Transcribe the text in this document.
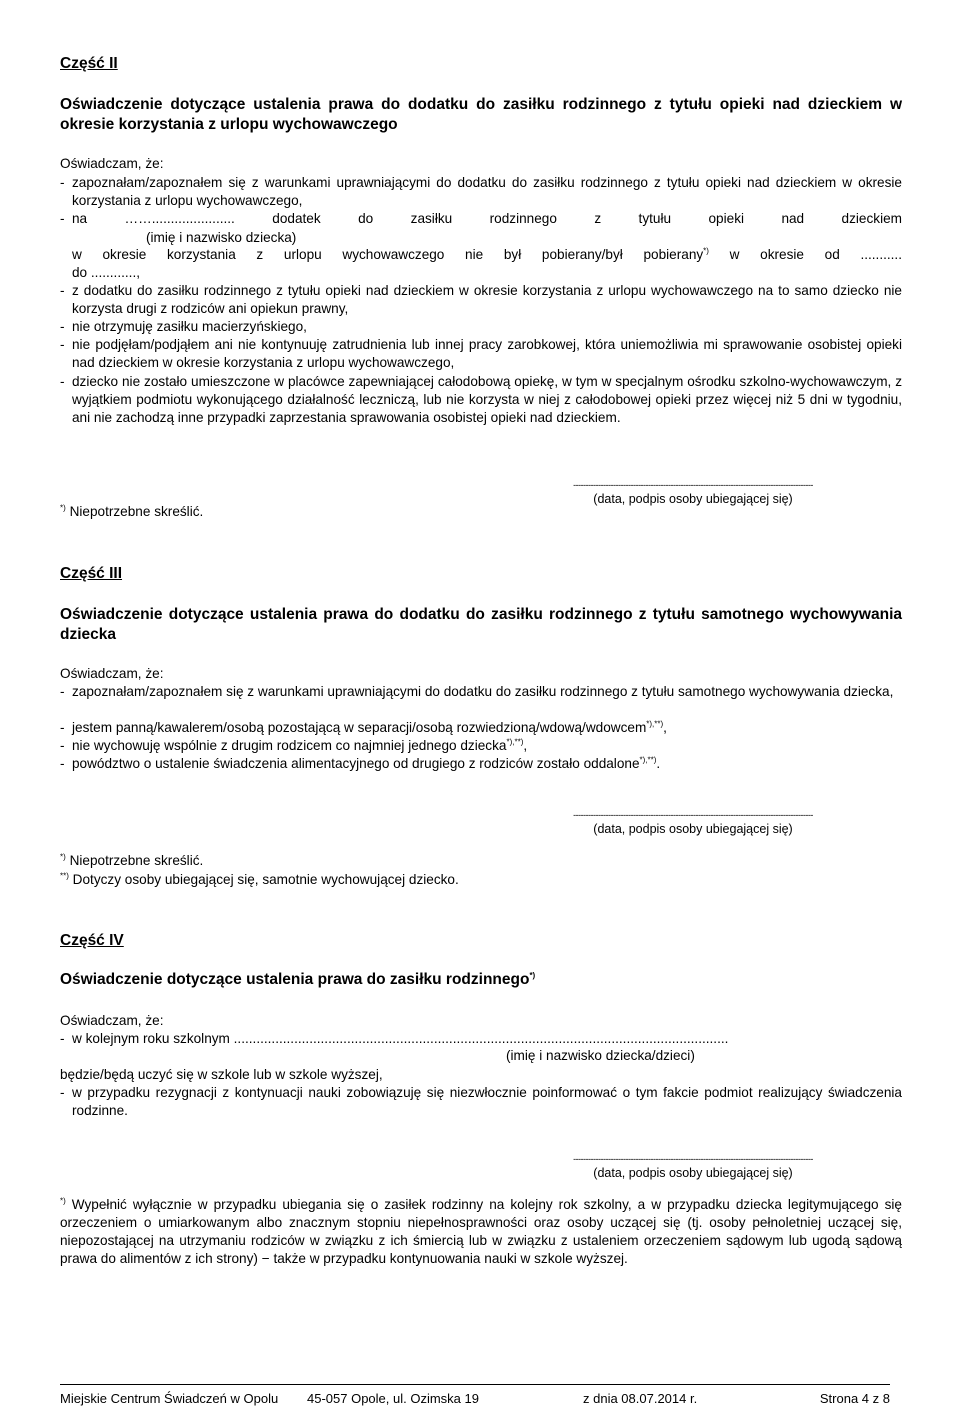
Część II
Oświadczenie dotyczące ustalenia prawa do dodatku do zasiłku rodzinnego z tytułu opieki nad dzieckiem w okresie korzystania z urlopu wychowawczego
Oświadczam, że:
- zapoznałam/zapoznałem się z warunkami uprawniającymi do dodatku do zasiłku rodzinnego z tytułu opieki nad dzieckiem w okresie korzystania z urlopu wychowawczego,
- na ……......................	dodatek do zasiłku rodzinnego z tytułu opieki nad dzieckiem
(imię i nazwisko dziecka)
w okresie korzystania z urlopu wychowawczego nie był pobierany/był pobierany*) w okresie od ...........
do ............,
- z dodatku do zasiłku rodzinnego z tytułu opieki nad dzieckiem w okresie korzystania z urlopu wychowawczego na to samo dziecko nie korzysta drugi z rodziców ani opiekun prawny,
- nie otrzymuję zasiłku macierzyńskiego,
- nie podjęłam/podjąłem ani nie kontynuuję zatrudnienia lub innej pracy zarobkowej, która uniemożliwia mi sprawowanie osobistej opieki nad dzieckiem w okresie korzystania z urlopu wychowawczego,
- dziecko nie zostało umieszczone w placówce zapewniającej całodobową opiekę, w tym w specjalnym ośrodku szkolno-wychowawczym, z wyjątkiem podmiotu wykonującego działalność leczniczą, lub nie korzysta w niej z całodobowej opieki przez więcej niż 5 dni w tygodniu, ani nie zachodzą inne przypadki zaprzestania sprawowania osobistej opieki nad dzieckiem.
------------------------------------------------------------------------------------------------
(data, podpis osoby ubiegającej się)
*) Niepotrzebne skreślić.
Część III
Oświadczenie dotyczące ustalenia prawa do dodatku do zasiłku rodzinnego z tytułu samotnego wychowywania dziecka
Oświadczam, że:
- zapoznałam/zapoznałem się z warunkami uprawniającymi do dodatku do zasiłku rodzinnego z tytułu samotnego wychowywania dziecka,
- jestem panną/kawalerem/osobą pozostającą w separacji/osobą rozwiedzioną/wdową/wdowcem*),**),
- nie wychowuję wspólnie z drugim rodzicem co najmniej jednego dziecka*),**),
- powództwo o ustalenie świadczenia alimentacyjnego od drugiego z rodziców zostało oddalone*),**).
------------------------------------------------------------------------------------------------
(data, podpis osoby ubiegającej się)
*) Niepotrzebne skreślić.
**) Dotyczy osoby ubiegającej się, samotnie wychowującej dziecko.
Część IV
Oświadczenie dotyczące ustalenia prawa do zasiłku rodzinnego*)
Oświadczam, że:
- w kolejnym roku szkolnym ...................................................................................................................................
(imię i nazwisko dziecka/dzieci)
będzie/będą uczyć się w szkole lub w szkole wyższej,
- w przypadku rezygnacji z kontynuacji nauki zobowiązuję się niezwłocznie poinformować o tym fakcie podmiot realizujący świadczenia rodzinne.
------------------------------------------------------------------------------------------------
(data, podpis osoby ubiegającej się)
*) Wypełnić wyłącznie w przypadku ubiegania się o zasiłek rodzinny na kolejny rok szkolny, a w przypadku dziecka legitymującego się orzeczeniem o umiarkowanym albo znacznym stopniu niepełnosprawności oraz osoby uczącej się (tj. osoby pełnoletniej uczącej się, niepozostającej na utrzymaniu rodziców w związku z ich śmiercią lub w związku z ustaleniem orzeczeniem sądowym lub ugodą sądową prawa do alimentów z ich strony) − także w przypadku kontynuowania nauki w szkole wyższej.
Miejskie Centrum Świadczeń w Opolu 45-057 Opole, ul. Ozimska 19	z dnia 08.07.2014 r.	Strona 4 z 8
